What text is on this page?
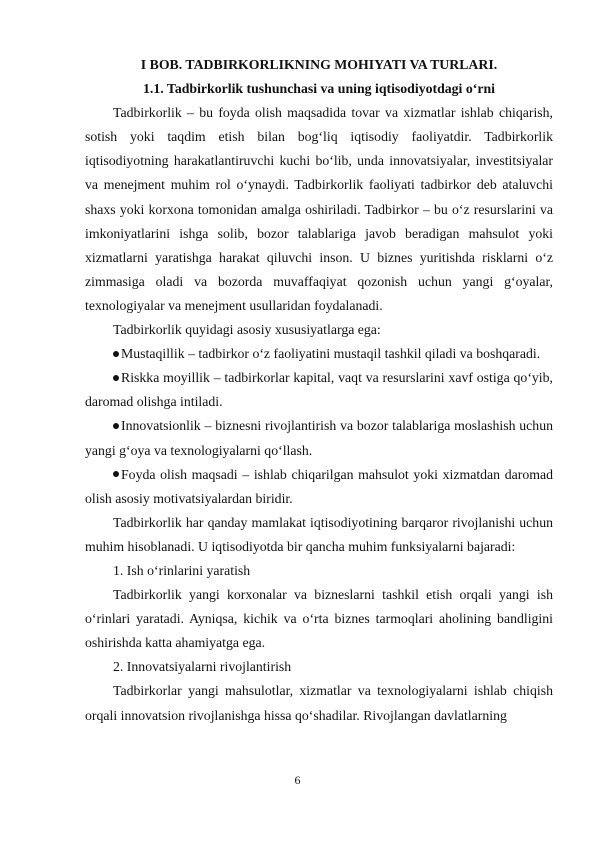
I BOB. TADBIRKORLIKNING MOHIYATI VA TURLARI.
1.1. Tadbirkorlik tushunchasi va uning iqtisodiyotdagi o‘rni

Tadbirkorlik – bu foyda olish maqsadida tovar va xizmatlar ishlab chiqarish, sotish yoki taqdim etish bilan bog‘liq iqtisodiy faoliyatdir. Tadbirkorlik iqtisodiyotning harakatlantiruvchi kuchi bo‘lib, unda innovatsiyalar, investitsiyalar va menejment muhim rol o‘ynaydi. Tadbirkorlik faoliyati tadbirkor deb ataluvchi shaxs yoki korxona tomonidan amalga oshiriladi. Tadbirkor – bu o‘z resurslarini va imkoniyatlarini ishga solib, bozor talablariga javob beradigan mahsulot yoki xizmatlarni yaratishga harakat qiluvchi inson. U biznes yuritishda risklarni o‘z zimmasiga oladi va bozorda muvaffaqiyat qozonish uchun yangi g‘oyalar, texnologiyalar va menejment usullaridan foydalanadi.

Tadbirkorlik quyidagi asosiy xususiyatlarga ega:

Mustaqillik – tadbirkor o‘z faoliyatini mustaqil tashkil qiladi va boshqaradi.
Riskka moyillik – tadbirkorlar kapital, vaqt va resurslarini xavf ostiga qo‘yib, daromad olishga intiladi.
Innovatsionlik – biznesni rivojlantirish va bozor talablariga moslashish uchun yangi g‘oya va texnologiyalarni qo‘llash.
Foyda olish maqsadi – ishlab chiqarilgan mahsulot yoki xizmatdan daromad olish asosiy motivatsiyalardan biridir.

Tadbirkorlik har qanday mamlakat iqtisodiyotining barqaror rivojlanishi uchun muhim hisoblanadi. U iqtisodiyotda bir qancha muhim funksiyalarni bajaradi:

1. Ish o‘rinlarini yaratish

Tadbirkorlik yangi korxonalar va bizneslarni tashkil etish orqali yangi ish o‘rinlari yaratadi. Ayniqsa, kichik va o‘rta biznes tarmoqlari aholining bandligini oshirishda katta ahamiyatga ega.

2. Innovatsiyalarni rivojlantirish

Tadbirkorlar yangi mahsulotlar, xizmatlar va texnologiyalarni ishlab chiqish orqali innovatsion rivojlanishga hissa qo‘shadilar. Rivojlangan davlatlarning

6
